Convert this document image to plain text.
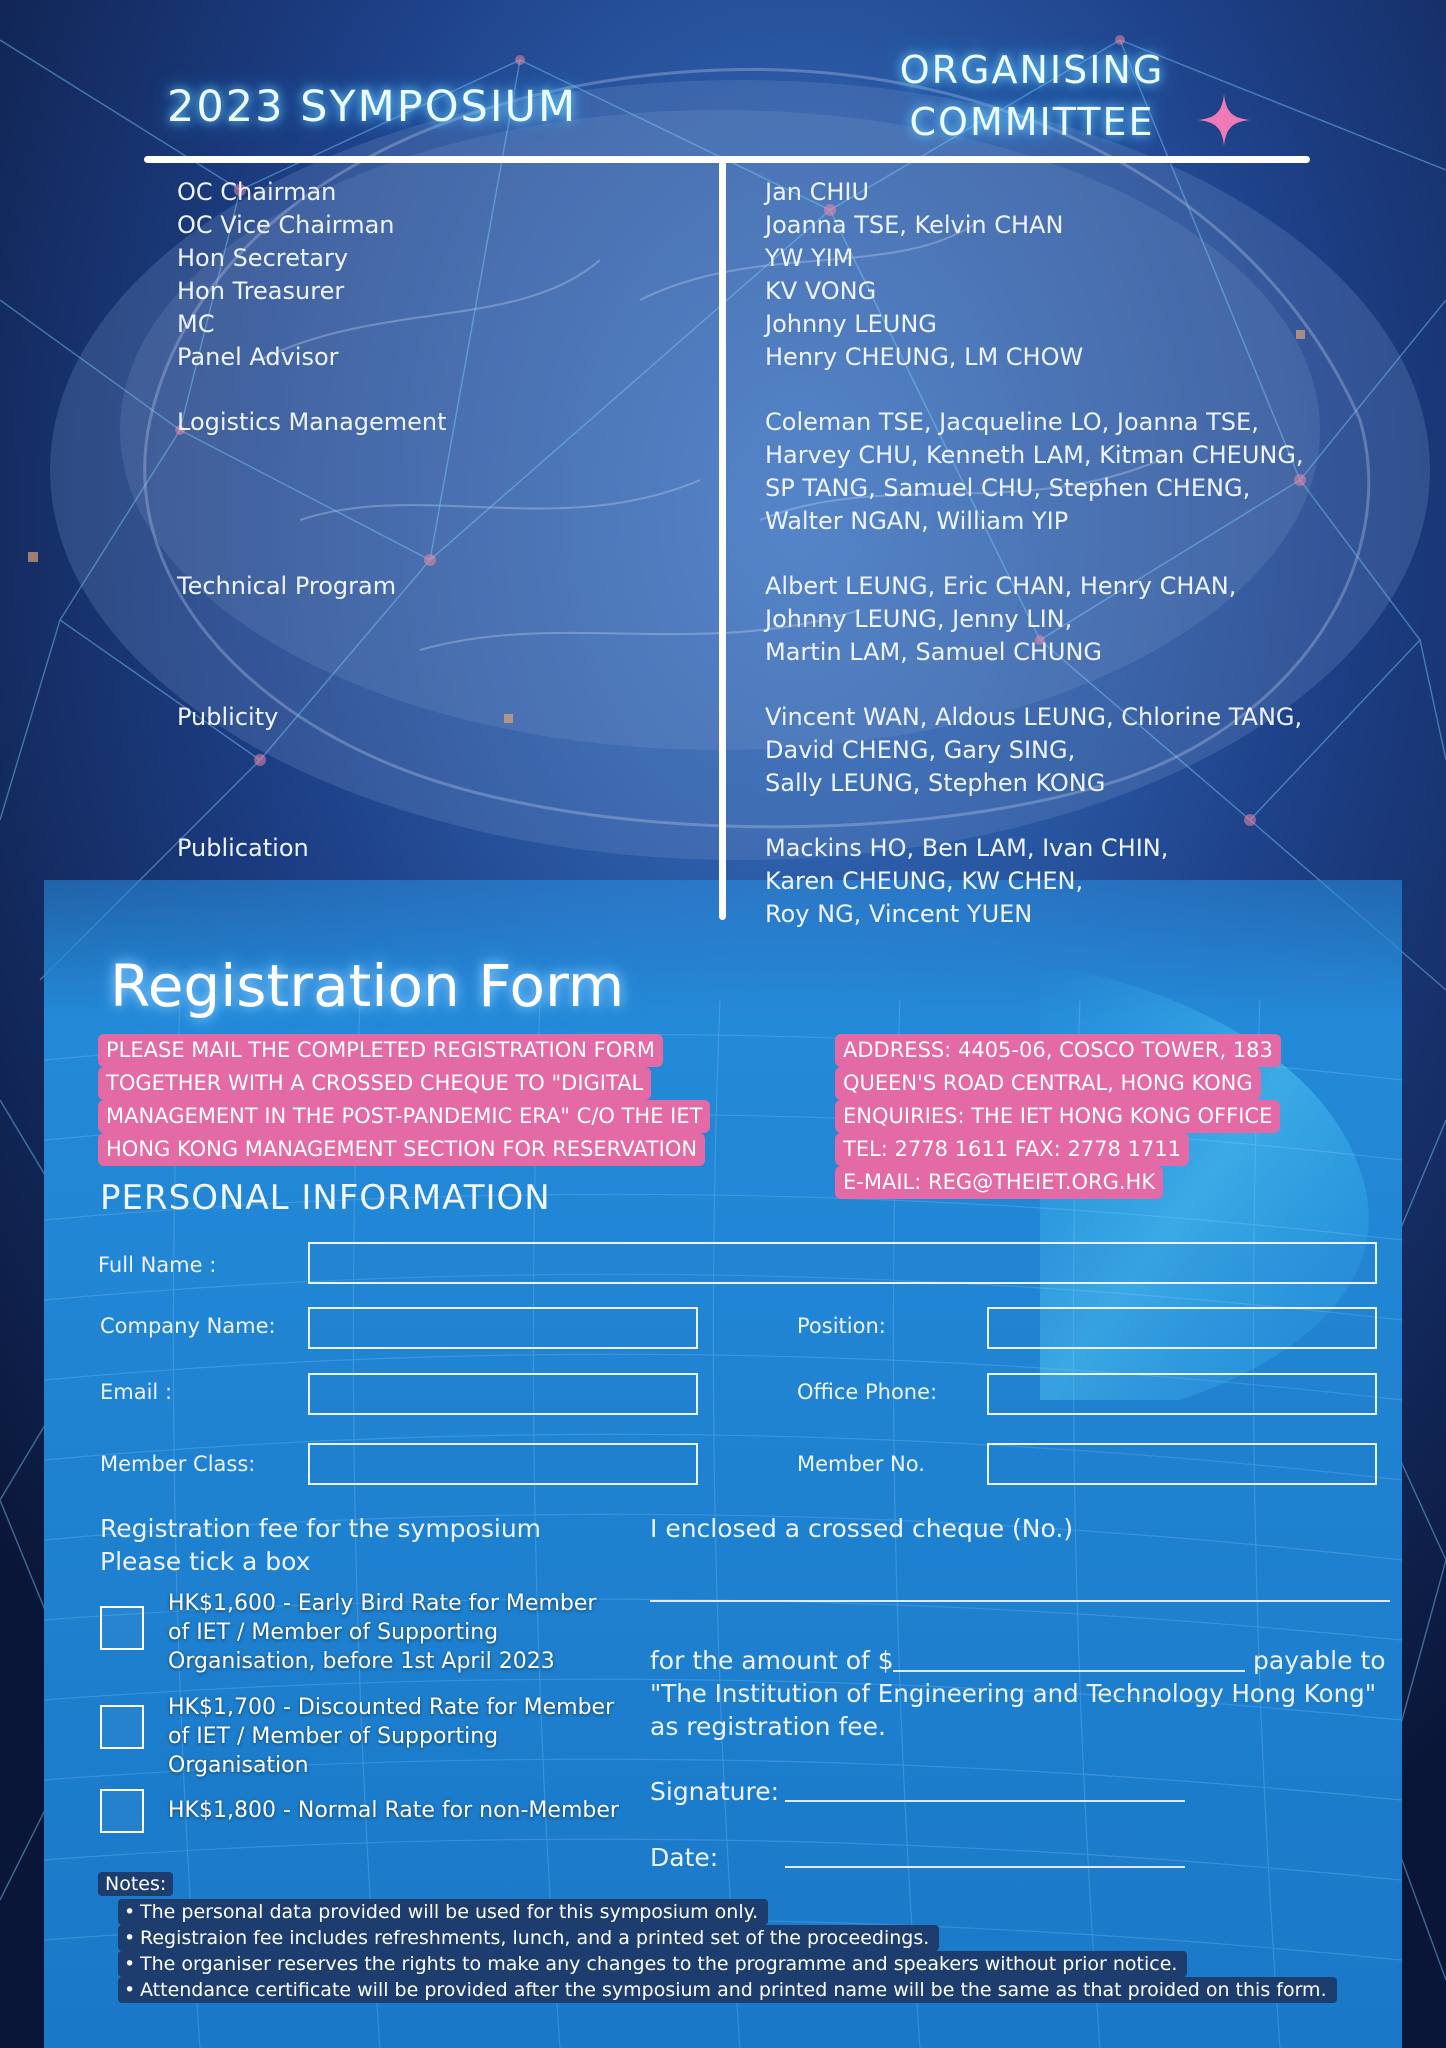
2023 SYMPOSIUM
ORGANISING
COMMITTEE
OC Chairman	Jan CHIU
OC Vice Chairman	Joanna TSE, Kelvin CHAN
Hon Secretary	YW YIM
Hon Treasurer	KV VONG
MC	Johnny LEUNG
Panel Advisor	Henry CHEUNG, LM CHOW
Logistics Management	Coleman TSE, Jacqueline LO, Joanna TSE,
Harvey CHU, Kenneth LAM, Kitman CHEUNG,
SP TANG, Samuel CHU, Stephen CHENG,
Walter NGAN, William YIP
Technical Program	Albert LEUNG, Eric CHAN, Henry CHAN,
Johnny LEUNG, Jenny LIN,
Martin LAM, Samuel CHUNG
Publicity	Vincent WAN, Aldous LEUNG, Chlorine TANG,
David CHENG, Gary SING,
Sally LEUNG, Stephen KONG
Publication	Mackins HO, Ben LAM, Ivan CHIN,
Karen CHEUNG, KW CHEN,
Roy NG, Vincent YUEN
Registration Form
PLEASE MAIL THE COMPLETED REGISTRATION FORM
TOGETHER WITH A CROSSED CHEQUE TO "DIGITAL
MANAGEMENT IN THE POST-PANDEMIC ERA" C/O THE IET
HONG KONG MANAGEMENT SECTION FOR RESERVATION
ADDRESS: 4405-06, COSCO TOWER, 183
QUEEN'S ROAD CENTRAL, HONG KONG
ENQUIRIES: THE IET HONG KONG OFFICE
TEL: 2778 1611 FAX: 2778 1711
E-MAIL: REG@THEIET.ORG.HK
PERSONAL INFORMATION
Full Name :
Company Name:	Position:
Email :	Office Phone:
Member Class:	Member No.
Registration fee for the symposium
Please tick a box
HK$1,600 - Early Bird Rate for Member
of IET / Member of Supporting
Organisation, before 1st April 2023
HK$1,700 - Discounted Rate for Member
of IET / Member of Supporting
Organisation
HK$1,800 - Normal Rate for non-Member
I enclosed a crossed cheque (No.)
for the amount of $	payable to
"The Institution of Engineering and Technology Hong Kong"
as registration fee.
Signature:
Date:
Notes:
• The personal data provided will be used for this symposium only.
• Registraion fee includes refreshments, lunch, and a printed set of the proceedings.
• The organiser reserves the rights to make any changes to the programme and speakers without prior notice.
• Attendance certificate will be provided after the symposium and printed name will be the same as that proided on this form.
